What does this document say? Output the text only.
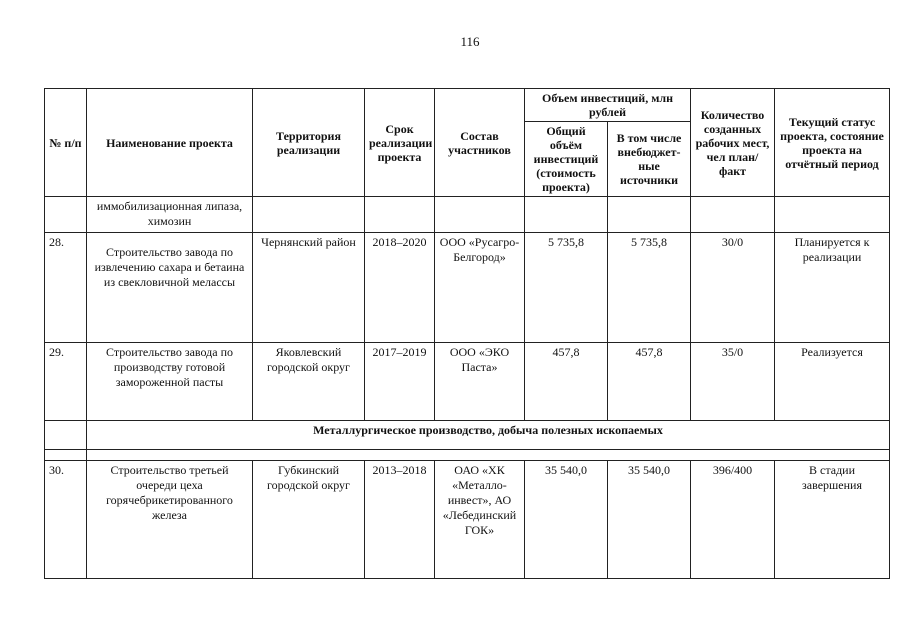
116
№ п/п	Наименование проекта	Территория реализации	Срок реализации проекта	Состав участников	Объем инвестиций, млн рублей		Количество созданных рабочих мест, чел план/факт	Текущий статус проекта, состояние проекта на отчётный период
					Общий объём инвестиций (стоимость проекта)	В том числе внебюджет-ные источники		
	иммобилизационная липаза, химозин							
28.	Строительство завода по извлечению сахара и бетаина из свекловичной мелассы	Чернянский район	2018–2020	ООО «Русагро-Белгород»	5 735,8	5 735,8	30/0	Планируется к реализации
29.	Строительство завода по производству готовой замороженной пасты	Яковлевский городской округ	2017–2019	ООО «ЭКО Паста»	457,8	457,8	35/0	Реализуется
	Металлургическое производство, добыча полезных ископаемых							

30.	Строительство третьей очереди цеха горячебрикетированного железа	Губкинский городской округ	2013–2018	ОАО «ХК «Металло-инвест», АО «Лебединский ГОК»	35 540,0	35 540,0	396/400	В стадии завершения
